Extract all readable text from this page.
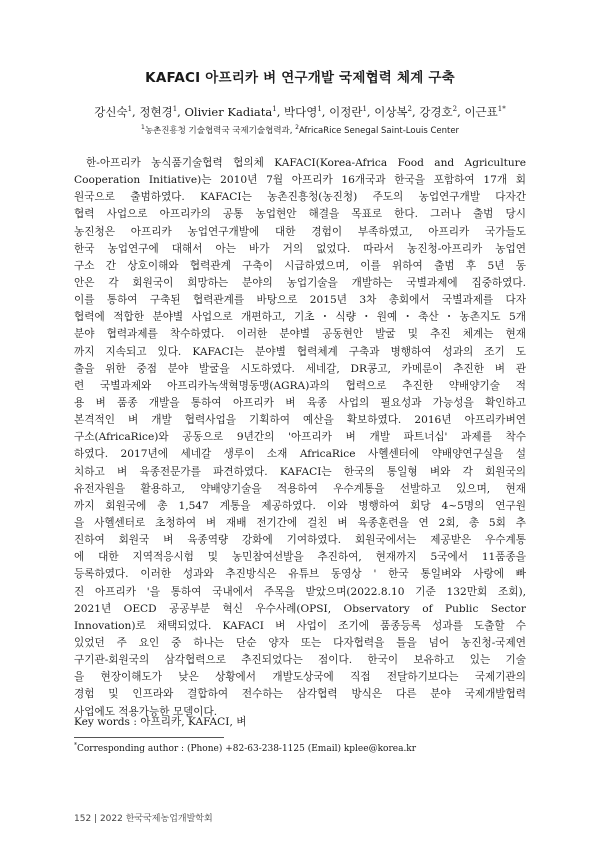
KAFACI 아프리카 벼 연구개발 국제협력 체계 구축
강신숙$^1$, 정현경$^1$, Olivier Kadiata$^1$, 박다영$^1$, 이정란$^1$, 이상복$^2$, 강경호$^2$, 이근표$^{1*}$
$^1$농촌진흥청 기술협력국 국제기술협력과, $^2$AfricaRice Senegal Saint-Louis Center
한-아프리카 농식품기술협력 협의체 KAFACI(Korea-Africa Food and Agriculture
Cooperation Initiative)는 2010년 7월 아프리카 16개국과 한국을 포함하여 17개 회
원국으로 출범하였다. KAFACI는 농촌진흥청(농진청) 주도의 농업연구개발 다자간
협력 사업으로 아프리카의 공통 농업현안 해결을 목표로 한다. 그러나 출범 당시
농진청은 아프리카 농업연구개발에 대한 경험이 부족하였고, 아프리카 국가들도
한국 농업연구에 대해서 아는 바가 거의 없었다. 따라서 농진청-아프리카 농업연
구소 간 상호이해와 협력관계 구축이 시급하였으며, 이를 위하여 출범 후 5년 동
안은 각 회원국이 희망하는 분야의 농업기술을 개발하는 국별과제에 집중하였다.
이를 통하여 구축된 협력관계를 바탕으로 2015년 3차 총회에서 국별과제를 다자
협력에 적합한 분야별 사업으로 개편하고, 기초・식량・원예・축산・농촌지도 5개
분야 협력과제를 착수하였다. 이러한 분야별 공동현안 발굴 및 추진 체계는 현재
까지 지속되고 있다. KAFACI는 분야별 협력체계 구축과 병행하여 성과의 조기 도
출을 위한 중점 분야 발굴을 시도하였다. 세네갈, DR콩고, 카메룬이 추진한 벼 관
련 국별과제와 아프리카녹색혁명동맹(AGRA)과의 협력으로 추진한 약배양기술 적
용 벼 품종 개발을 통하여 아프리카 벼 육종 사업의 필요성과 가능성을 확인하고
본격적인 벼 개발 협력사업을 기획하여 예산을 확보하였다. 2016년 아프리카벼연
구소(AfricaRice)와 공동으로 9년간의 '아프리카 벼 개발 파트너십' 과제를 착수
하였다. 2017년에 세네갈 생루이 소재 AfricaRice 사헬센터에 약배양연구실을 설
치하고 벼 육종전문가를 파견하였다. KAFACI는 한국의 통일형 벼와 각 회원국의
유전자원을 활용하고, 약배양기술을 적용하여 우수계통을 선발하고 있으며, 현재
까지 회원국에 총 1,547 계통을 제공하였다. 이와 병행하여 회당 4~5명의 연구원
을 사헬센터로 초청하여 벼 재배 전기간에 걸친 벼 육종훈련을 연 2회, 총 5회 추
진하여 회원국 벼 육종역량 강화에 기여하였다. 회원국에서는 제공받은 우수계통
에 대한 지역적응시험 및 농민참여선발을 추진하여, 현재까지 5국에서 11품종을
등록하였다. 이러한 성과와 추진방식은 유튜브 동영상 ' 한국 통일벼와 사랑에 빠
진 아프리카 '을 통하여 국내에서 주목을 받았으며(2022.8.10 기준 132만회 조회),
2021년 OECD 공공부분 혁신 우수사례(OPSI, Observatory of Public Sector
Innovation)로 채택되었다. KAFACI 벼 사업이 조기에 품종등록 성과를 도출할 수
있었던 주 요인 중 하나는 단순 양자 또는 다자협력을 틀을 넘어 농진청-국제연
구기관-회원국의 삼각협력으로 추진되었다는 점이다. 한국이 보유하고 있는 기술
을 현장이해도가 낮은 상황에서 개발도상국에 직접 전달하기보다는 국제기관의
경험 및 인프라와 결합하여 전수하는 삼각협력 방식은 다른 분야 국제개발협력
사업에도 적용가능한 모델이다.
Key words : 아프리카, KAFACI, 벼
*Corresponding author : (Phone) +82-63-238-1125 (Email) kplee@korea.kr
152 | 2022 한국국제농업개발학회
